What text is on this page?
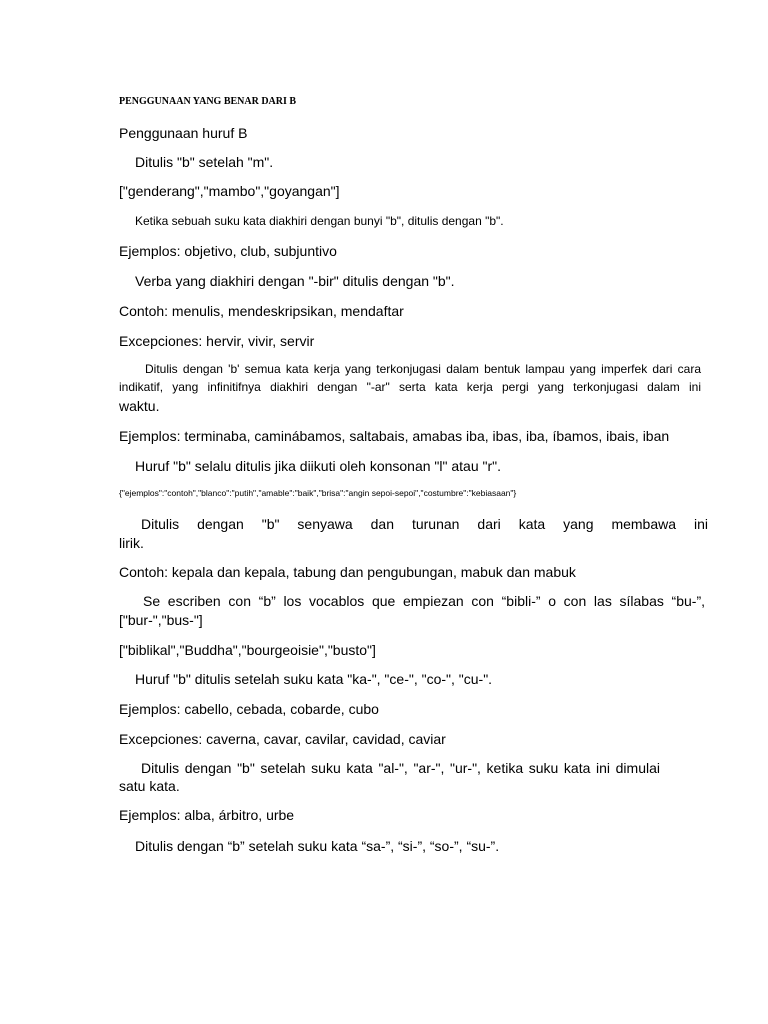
PENGGUNAAN YANG BENAR DARI B
Penggunaan huruf B
Ditulis "b" setelah "m".
["genderang","mambo","goyangan"]
Ketika sebuah suku kata diakhiri dengan bunyi "b", ditulis dengan "b".
Ejemplos: objetivo, club, subjuntivo
Verba yang diakhiri dengan "-bir" ditulis dengan "b".
Contoh: menulis, mendeskripsikan, mendaftar
Excepciones: hervir, vivir, servir
Ditulis dengan 'b' semua kata kerja yang terkonjugasi dalam bentuk lampau yang imperfek dari cara
indikatif, yang infinitifnya diakhiri dengan "-ar" serta kata kerja pergi yang terkonjugasi dalam ini
waktu.
Ejemplos: terminaba, caminábamos, saltabais, amabas iba, ibas, iba, íbamos, ibais, iban
Huruf "b" selalu ditulis jika diikuti oleh konsonan "l" atau "r".
{"ejemplos":"contoh","blanco":"putih","amable":"baik","brisa":"angin sepoi-sepoi","costumbre":"kebiasaan"}
Ditulis dengan "b" senyawa dan turunan dari kata yang membawa ini
lirik.
Contoh: kepala dan kepala, tabung dan pengubungan, mabuk dan mabuk
Se escriben con “b” los vocablos que empiezan con “bibli-” o con las sílabas “bu-”,
["bur-","bus-"]
["biblikal","Buddha","bourgeoisie","busto"]
Huruf "b" ditulis setelah suku kata "ka-", "ce-", "co-", "cu-".
Ejemplos: cabello, cebada, cobarde, cubo
Excepciones: caverna, cavar, cavilar, cavidad, caviar
Ditulis dengan "b" setelah suku kata "al-", "ar-", "ur-", ketika suku kata ini dimulai
satu kata.
Ejemplos: alba, árbitro, urbe
Ditulis dengan “b” setelah suku kata “sa-”, “si-”, “so-”, “su-”.
